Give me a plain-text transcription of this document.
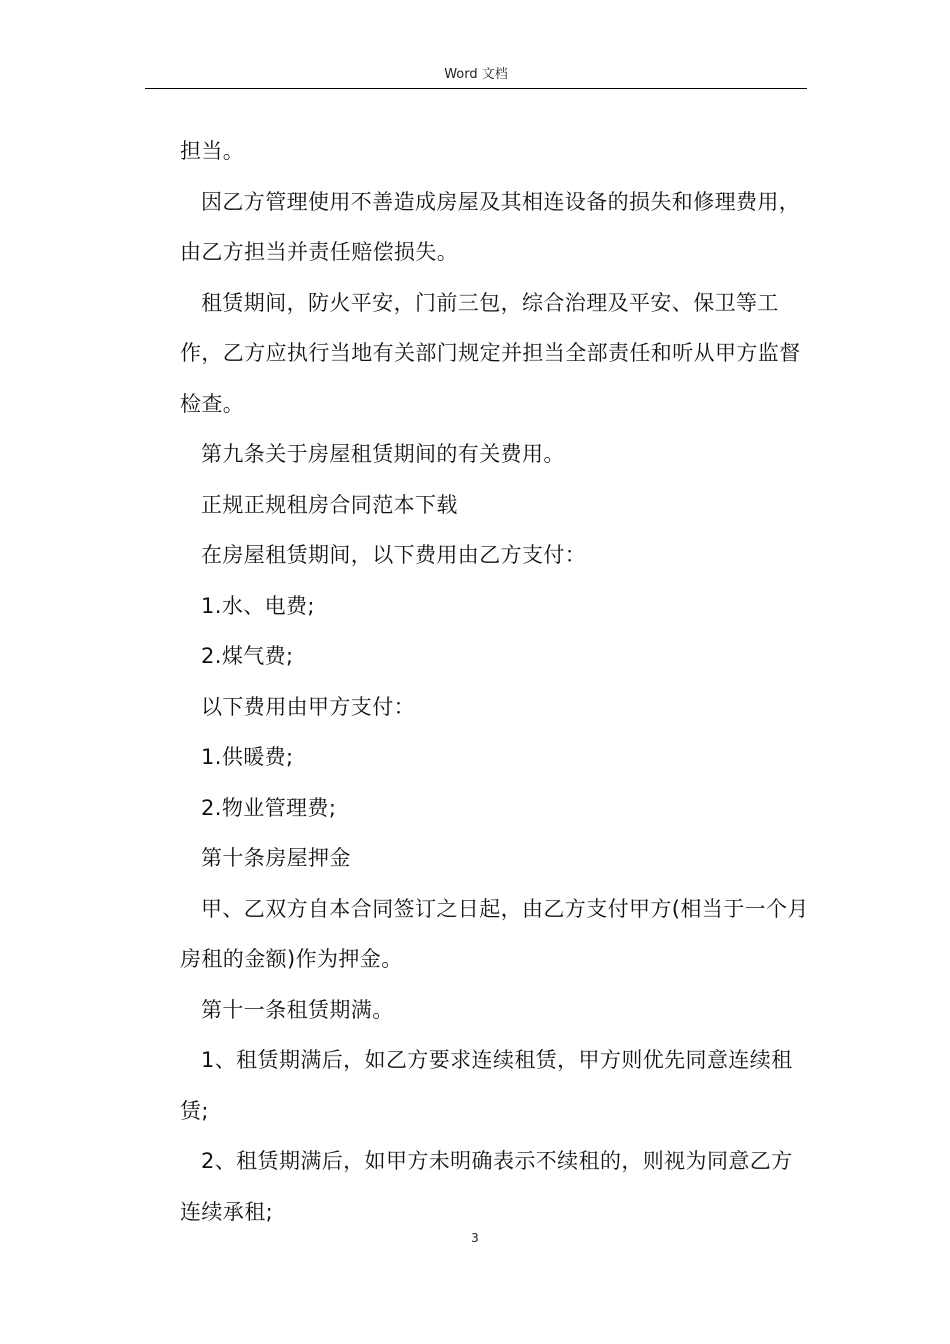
Word 文档

担当。

因乙方管理使用不善造成房屋及其相连设备的损失和修理费用，由乙方担当并责任赔偿损失。

租赁期间，防火平安，门前三包，综合治理及平安、保卫等工作，乙方应执行当地有关部门规定并担当全部责任和听从甲方监督检查。

第九条关于房屋租赁期间的有关费用。

正规正规租房合同范本下载

在房屋租赁期间，以下费用由乙方支付：

1.水、电费;

2.煤气费;

以下费用由甲方支付：

1.供暖费;

2.物业管理费;

第十条房屋押金

甲、乙双方自本合同签订之日起，由乙方支付甲方(相当于一个月房租的金额)作为押金。

第十一条租赁期满。

1、租赁期满后，如乙方要求连续租赁，甲方则优先同意连续租赁;

2、租赁期满后，如甲方未明确表示不续租的，则视为同意乙方连续承租;

3
